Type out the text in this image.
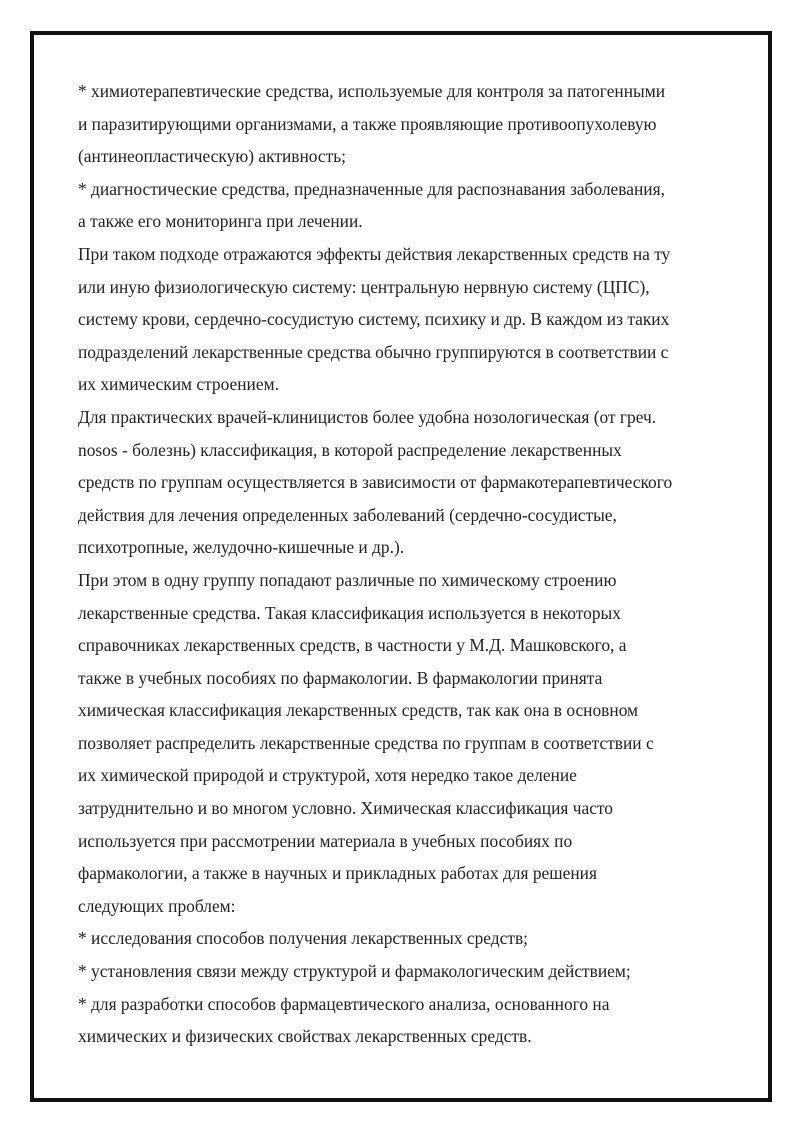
* химиотерапевтические средства, используемые для контроля за патогенными
и паразитирующими организмами, а также проявляющие противоопухолевую
(антинеопластическую) активность;
* диагностические средства, предназначенные для распознавания заболевания,
а также его мониторинга при лечении.
При таком подходе отражаются эффекты действия лекарственных средств на ту
или иную физиологическую систему: центральную нервную систему (ЦПС),
систему крови, сердечно-сосудистую систему, психику и др. В каждом из таких
подразделений лекарственные средства обычно группируются в соответствии с
их химическим строением.
Для практических врачей-клиницистов более удобна нозологическая (от греч.
nosos - болезнь) классификация, в которой распределение лекарственных
средств по группам осуществляется в зависимости от фармакотерапевтического
действия для лечения определенных заболеваний (сердечно-сосудистые,
психотропные, желудочно-кишечные и др.).
При этом в одну группу попадают различные по химическому строению
лекарственные средства. Такая классификация используется в некоторых
справочниках лекарственных средств, в частности у М.Д. Машковского, а
также в учебных пособиях по фармакологии. В фармакологии принята
химическая классификация лекарственных средств, так как она в основном
позволяет распределить лекарственные средства по группам в соответствии с
их химической природой и структурой, хотя нередко такое деление
затруднительно и во многом условно. Химическая классификация часто
используется при рассмотрении материала в учебных пособиях по
фармакологии, а также в научных и прикладных работах для решения
следующих проблем:
* исследования способов получения лекарственных средств;
* установления связи между структурой и фармакологическим действием;
* для разработки способов фармацевтического анализа, основанного на
химических и физических свойствах лекарственных средств.
